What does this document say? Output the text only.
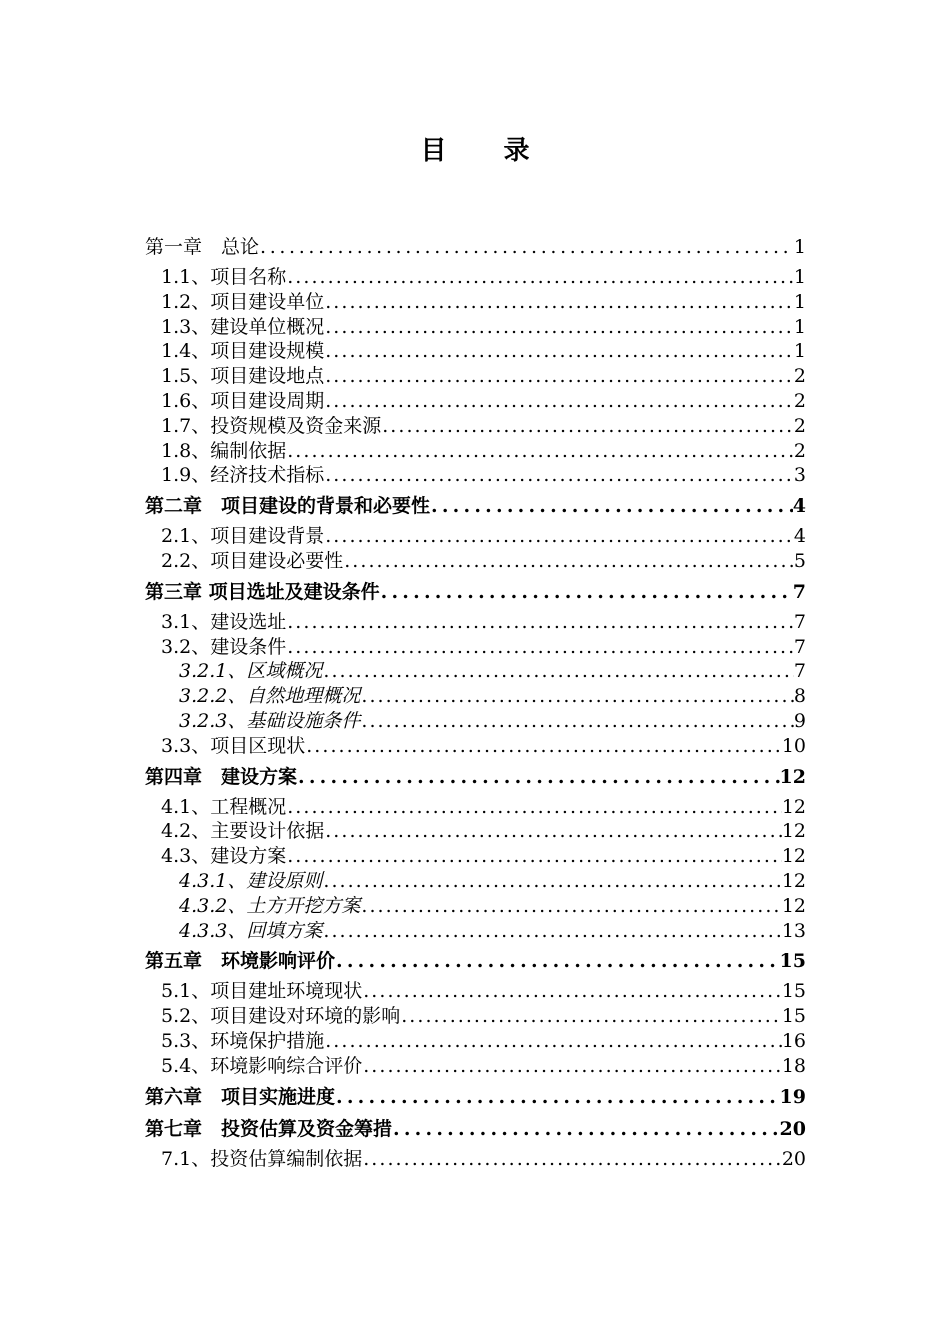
目 录
第一章　总论 . . .	1
1.1、项目名称 . . .	1
1.2、项目建设单位 . . .	1
1.3、建设单位概况 . . .	1
1.4、项目建设规模 . . .	1
1.5、项目建设地点 . . .	2
1.6、项目建设周期 . . .	2
1.7、投资规模及资金来源 . . .	2
1.8、编制依据 . . .	2
1.9、经济技术指标 . . .	3
第二章　项目建设的背景和必要性 . . .	4
2.1、项目建设背景 . . .	4
2.2、项目建设必要性 . . .	5
第三章 项目选址及建设条件 . . .	7
3.1、建设选址 . . .	7
3.2、建设条件 . . .	7
3.2.1、区域概况 . . .	7
3.2.2、自然地理概况 . . .	8
3.2.3、基础设施条件 . . .	9
3.3、项目区现状 . . .	10
第四章　建设方案 . . .	12
4.1、工程概况 . . .	12
4.2、主要设计依据 . . .	12
4.3、建设方案 . . .	12
4.3.1、建设原则 . . .	12
4.3.2、土方开挖方案 . . .	12
4.3.3、回填方案 . . .	13
第五章　环境影响评价 . . .	15
5.1、项目建址环境现状 . . .	15
5.2、项目建设对环境的影响 . . .	15
5.3、环境保护措施 . . .	16
5.4、环境影响综合评价 . . .	18
第六章　项目实施进度 . . .	19
第七章　投资估算及资金筹措 . . .	20
7.1、投资估算编制依据 . . .	20
